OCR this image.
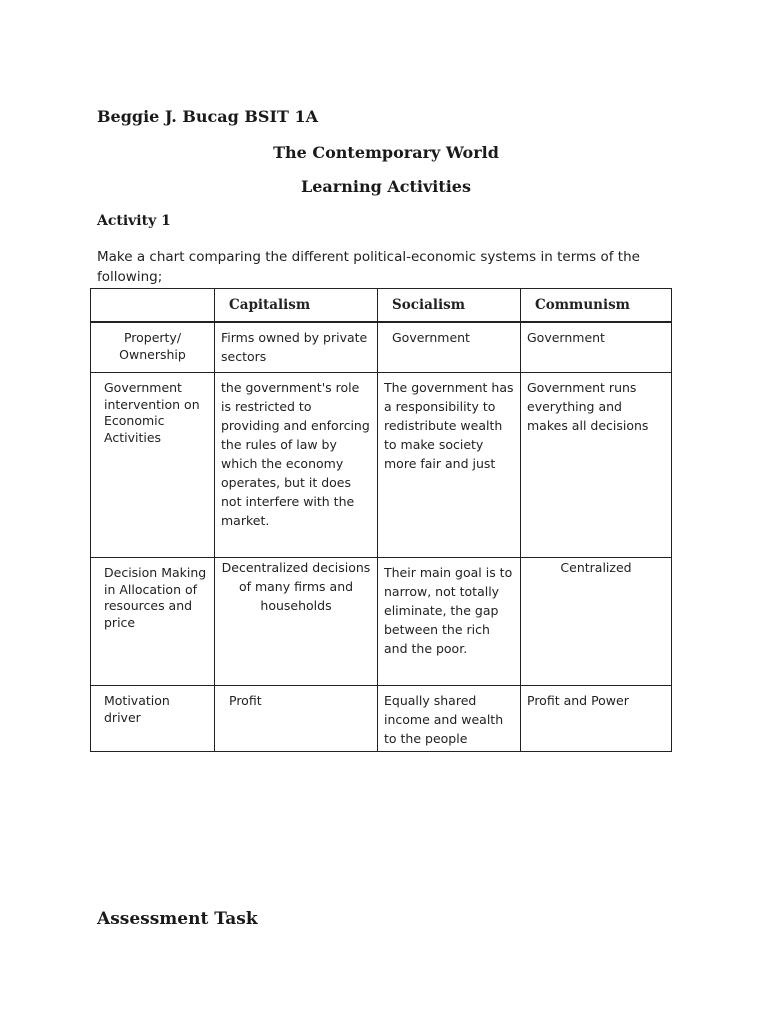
Beggie J. Bucag BSIT 1A
The Contemporary World
Learning Activities
Activity 1
Make a chart comparing the different political-economic systems in terms of the following;

	Capitalism	Socialism	Communism

Property/ Ownership	Firms owned by private sectors	Government	Government

Government intervention on Economic Activities	the government's role is restricted to providing and enforcing the rules of law by which the economy operates, but it does not interfere with the market.	The government has a responsibility to redistribute wealth to make society more fair and just	Government runs everything and makes all decisions

Decision Making in Allocation of resources and price	Decentralized decisions of many firms and households	Their main goal is to narrow, not totally eliminate, the gap between the rich and the poor.	Centralized

Motivation driver	Profit	Equally shared income and wealth to the people	Profit and Power
Assessment Task
